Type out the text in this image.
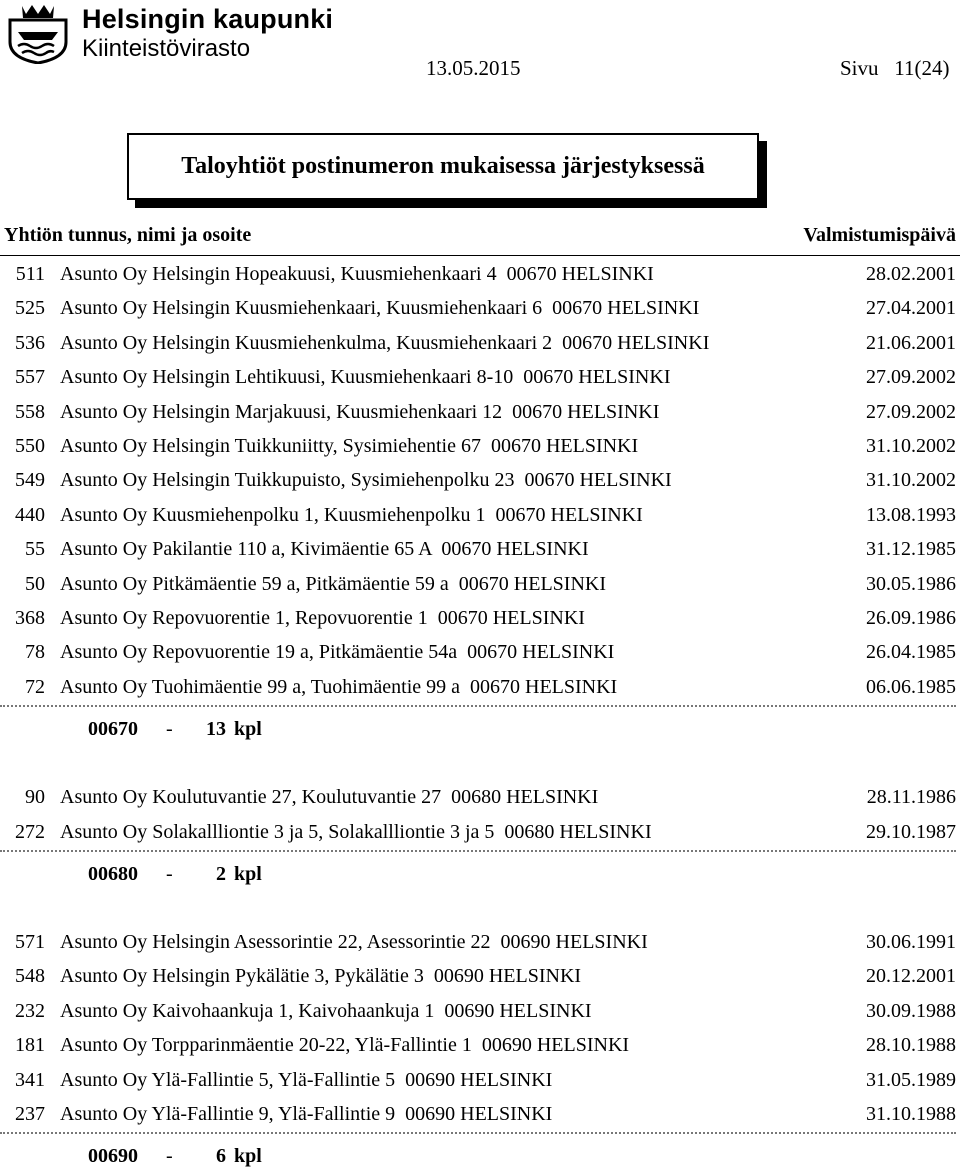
Helsingin kaupunki
Kiinteistövirasto
13.05.2015	Sivu   11(24)
Taloyhtiöt postinumeron mukaisessa järjestyksessä
Yhtiön tunnus, nimi ja osoite	Valmistumispäivä
511 Asunto Oy Helsingin Hopeakuusi, Kuusmiehenkaari 4  00670 HELSINKI	28.02.2001
525 Asunto Oy Helsingin Kuusmiehenkaari, Kuusmiehenkaari 6  00670 HELSINKI	27.04.2001
536 Asunto Oy Helsingin Kuusmiehenkulma, Kuusmiehenkaari 2  00670 HELSINKI	21.06.2001
557 Asunto Oy Helsingin Lehtikuusi, Kuusmiehenkaari 8-10  00670 HELSINKI	27.09.2002
558 Asunto Oy Helsingin Marjakuusi, Kuusmiehenkaari 12  00670 HELSINKI	27.09.2002
550 Asunto Oy Helsingin Tuikkuniitty, Sysimiehentie 67  00670 HELSINKI	31.10.2002
549 Asunto Oy Helsingin Tuikkupuisto, Sysimiehenpolku 23  00670 HELSINKI	31.10.2002
440 Asunto Oy Kuusmiehenpolku 1, Kuusmiehenpolku 1  00670 HELSINKI	13.08.1993
55 Asunto Oy Pakilantie 110 a, Kivimäentie 65 A  00670 HELSINKI	31.12.1985
50 Asunto Oy Pitkämäentie 59 a, Pitkämäentie 59 a  00670 HELSINKI	30.05.1986
368 Asunto Oy Repovuorentie 1, Repovuorentie 1  00670 HELSINKI	26.09.1986
78 Asunto Oy Repovuorentie 19 a, Pitkämäentie 54a  00670 HELSINKI	26.04.1985
72 Asunto Oy Tuohimäentie 99 a, Tuohimäentie 99 a  00670 HELSINKI	06.06.1985
00670 -	13 kpl
90 Asunto Oy Koulutuvantie 27, Koulutuvantie 27  00680 HELSINKI	28.11.1986
272 Asunto Oy Solakallliontie 3 ja 5, Solakallliontie 3 ja 5  00680 HELSINKI	29.10.1987
00680 -	2 kpl
571 Asunto Oy Helsingin Asessorintie 22, Asessorintie 22  00690 HELSINKI	30.06.1991
548 Asunto Oy Helsingin Pykälätie 3, Pykälätie 3  00690 HELSINKI	20.12.2001
232 Asunto Oy Kaivohaankuja 1, Kaivohaankuja 1  00690 HELSINKI	30.09.1988
181 Asunto Oy Torpparinmäentie 20-22, Ylä-Fallintie 1  00690 HELSINKI	28.10.1988
341 Asunto Oy Ylä-Fallintie 5, Ylä-Fallintie 5  00690 HELSINKI	31.05.1989
237 Asunto Oy Ylä-Fallintie 9, Ylä-Fallintie 9  00690 HELSINKI	31.10.1988
00690 -	6 kpl
